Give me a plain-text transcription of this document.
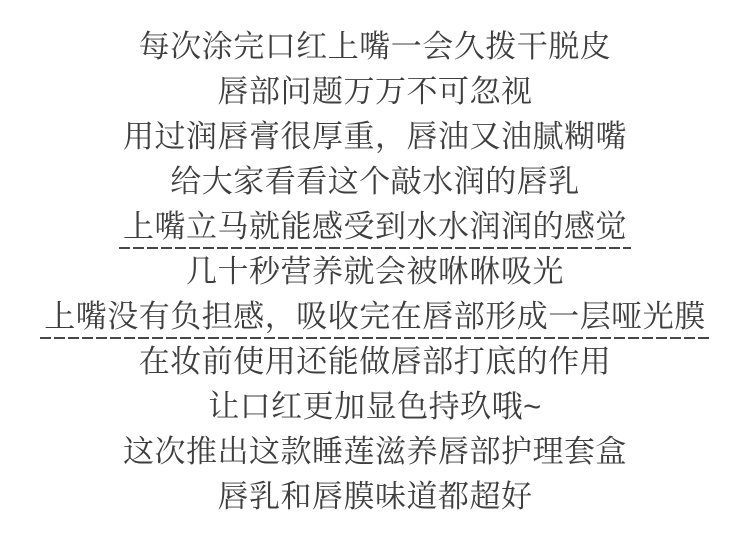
每次涂完口红上嘴一会久拨干脱皮

唇部问题万万不可忽视

用过润唇膏很厚重，唇油又油腻糊嘴

给大家看看这个敲水润的唇乳

上嘴立马就能感受到水水润润的感觉

几十秒营养就会被咻咻吸光

上嘴没有负担感，吸收完在唇部形成一层哑光膜

在妆前使用还能做唇部打底的作用

让口红更加显色持玖哦~

这次推出这款睡莲滋养唇部护理套盒

唇乳和唇膜味道都超好
